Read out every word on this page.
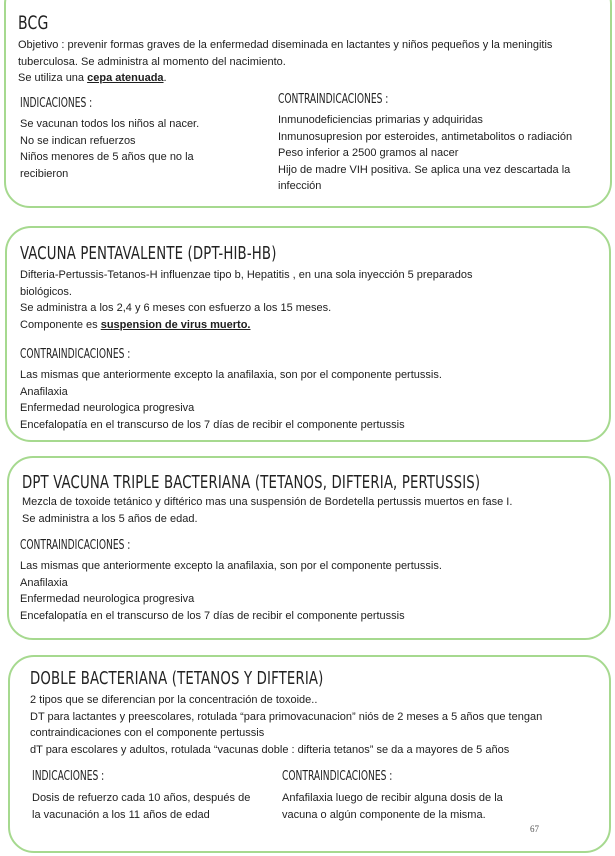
BCG

Objetivo : prevenir formas graves de la enfermedad diseminada en lactantes y niños pequeños y la meningitis tuberculosa. Se administra al momento del nacimiento.

Se utiliza una cepa atenuada.

INDICACIONES :

Se vacunan todos los niños al nacer.

No se indican refuerzos

Niños menores de 5 años que no la recibieron

CONTRAINDICACIONES :

Inmunodeficiencias primarias y adquiridas

Inmunosupresion por esteroides, antimetabolitos o radiación

Peso inferior a 2500 gramos al nacer

Hijo de madre VIH positiva. Se aplica una vez descartada la infección

VACUNA PENTAVALENTE (DPT-HIB-HB)

Difteria-Pertussis-Tetanos-H influenzae tipo b, Hepatitis , en una sola inyección 5 preparados biológicos.

Se administra a los 2,4 y 6 meses con esfuerzo a los 15 meses.

Componente es suspension de virus muerto.

CONTRAINDICACIONES :

Las mismas que anteriormente excepto la anafilaxia, son por el componente pertussis.

Anafilaxia

Enfermedad neurologica progresiva

Encefalopatía en el transcurso de los 7 días de recibir el componente pertussis

DPT VACUNA TRIPLE BACTERIANA (TETANOS, DIFTERIA, PERTUSSIS)

Mezcla de toxoide tetánico y diftérico mas una suspensión de Bordetella pertussis muertos en fase I.

Se administra a los 5 años de edad.

CONTRAINDICACIONES :

Las mismas que anteriormente excepto la anafilaxia, son por el componente pertussis.

Anafilaxia

Enfermedad neurologica progresiva

Encefalopatía en el transcurso de los 7 días de recibir el componente pertussis

DOBLE BACTERIANA (TETANOS Y DIFTERIA)

2 tipos que se diferencian por la concentración de toxoide..

DT para lactantes y preescolares, rotulada “para primovacunacion” niós de 2 meses a 5 años que tengan contraindicaciones con el componente pertussis

dT para escolares y adultos, rotulada “vacunas doble : difteria tetanos” se da a mayores de 5 años

INDICACIONES :
Dosis de refuerzo cada 10 años, después de la vacunación a los 11 años de edad
CONTRAINDICACIONES :
Anfafilaxia luego de recibir alguna dosis de la vacuna o algún componente de la misma.
67
